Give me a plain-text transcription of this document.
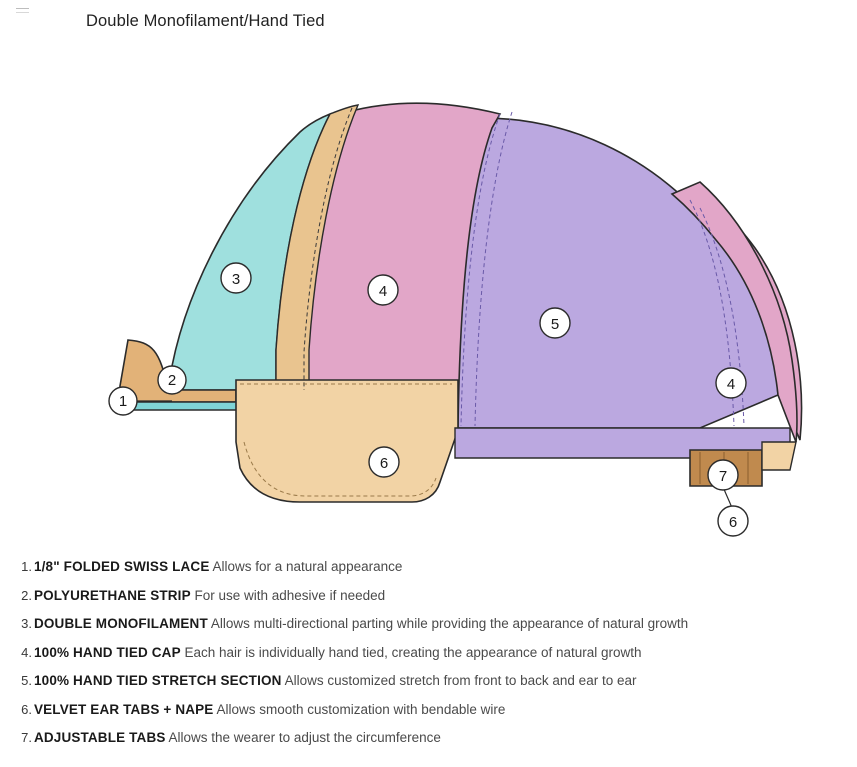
Double Monofilament/Hand Tied
1
2
3
4
5
4
6
7
6
1. 1/8" FOLDED SWISS LACE Allows for a natural appearance
2. POLYURETHANE STRIP For use with adhesive if needed
3. DOUBLE MONOFILAMENT Allows multi-directional parting while providing the appearance of natural growth
4. 100% HAND TIED CAP Each hair is individually hand tied, creating the appearance of natural growth
5. 100% HAND TIED STRETCH SECTION Allows customized stretch from front to back and ear to ear
6. VELVET EAR TABS + NAPE Allows smooth customization with bendable wire
7. ADJUSTABLE TABS Allows the wearer to adjust the circumference
